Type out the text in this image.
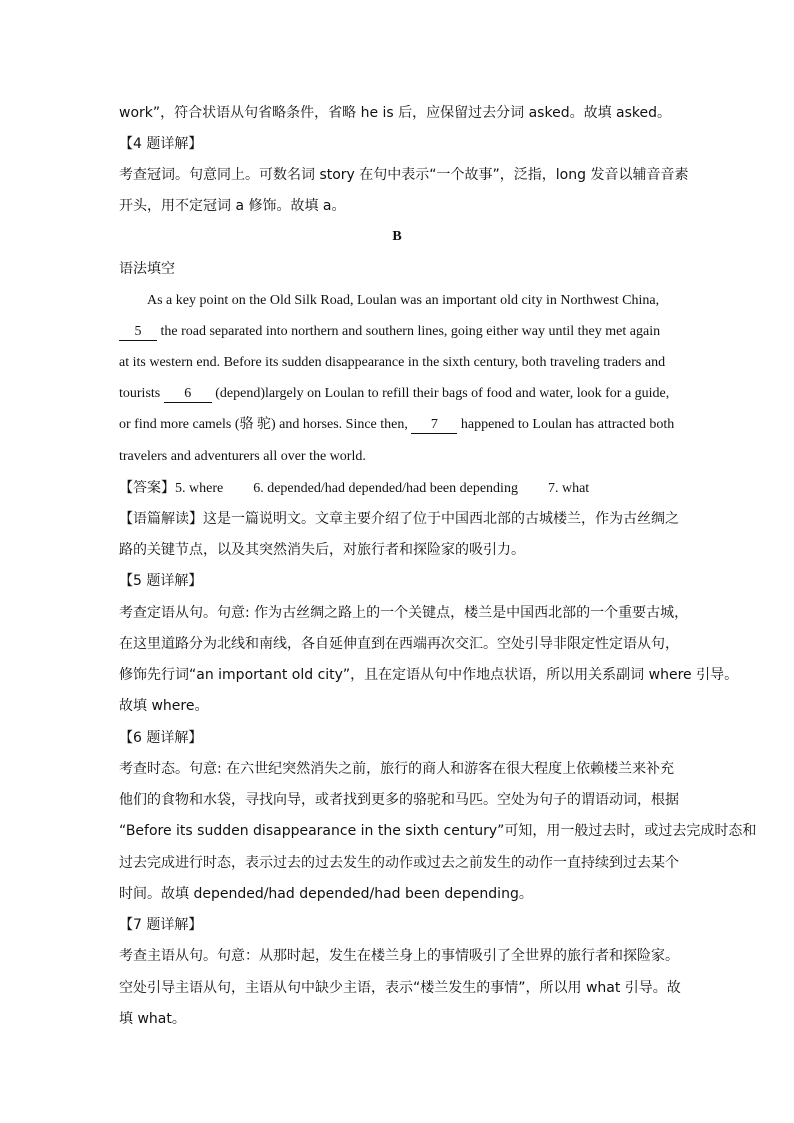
work”，符合状语从句省略条件，省略 he is 后，应保留过去分词 asked。故填 asked。
【4 题详解】
考查冠词。句意同上。可数名词 story 在句中表示“一个故事”，泛指，long 发音以辅音音素
开头，用不定冠词 a 修饰。故填 a。
B
语法填空
As a key point on the Old Silk Road, Loulan was an important old city in Northwest China,
5 the road separated into northern and southern lines, going either way until they met again
at its western end. Before its sudden disappearance in the sixth century, both traveling traders and
tourists 6 (depend)largely on Loulan to refill their bags of food and water, look for a guide,
or find more camels (骆 驼) and horses. Since then, 7 happened to Loulan has attracted both
travelers and adventurers all over the world.
【答案】5. where 6. depended/had depended/had been depending 7. what
【语篇解读】这是一篇说明文。文章主要介绍了位于中国西北部的古城楼兰，作为古丝绸之
路的关键节点，以及其突然消失后，对旅行者和探险家的吸引力。
【5 题详解】
考查定语从句。句意: 作为古丝绸之路上的一个关键点，楼兰是中国西北部的一个重要古城，
在这里道路分为北线和南线，各自延伸直到在西端再次交汇。空处引导非限定性定语从句，
修饰先行词“an important old city”，且在定语从句中作地点状语，所以用关系副词 where 引导。
故填 where。
【6 题详解】
考查时态。句意: 在六世纪突然消失之前，旅行的商人和游客在很大程度上依赖楼兰来补充
他们的食物和水袋，寻找向导，或者找到更多的骆驼和马匹。空处为句子的谓语动词，根据
“Before its sudden disappearance in the sixth century”可知，用一般过去时，或过去完成时态和
过去完成进行时态，表示过去的过去发生的动作或过去之前发生的动作一直持续到过去某个
时间。故填 depended/had depended/had been depending。
【7 题详解】
考查主语从句。句意：从那时起，发生在楼兰身上的事情吸引了全世界的旅行者和探险家。
空处引导主语从句，主语从句中缺少主语，表示“楼兰发生的事情”，所以用 what 引导。故
填 what。
